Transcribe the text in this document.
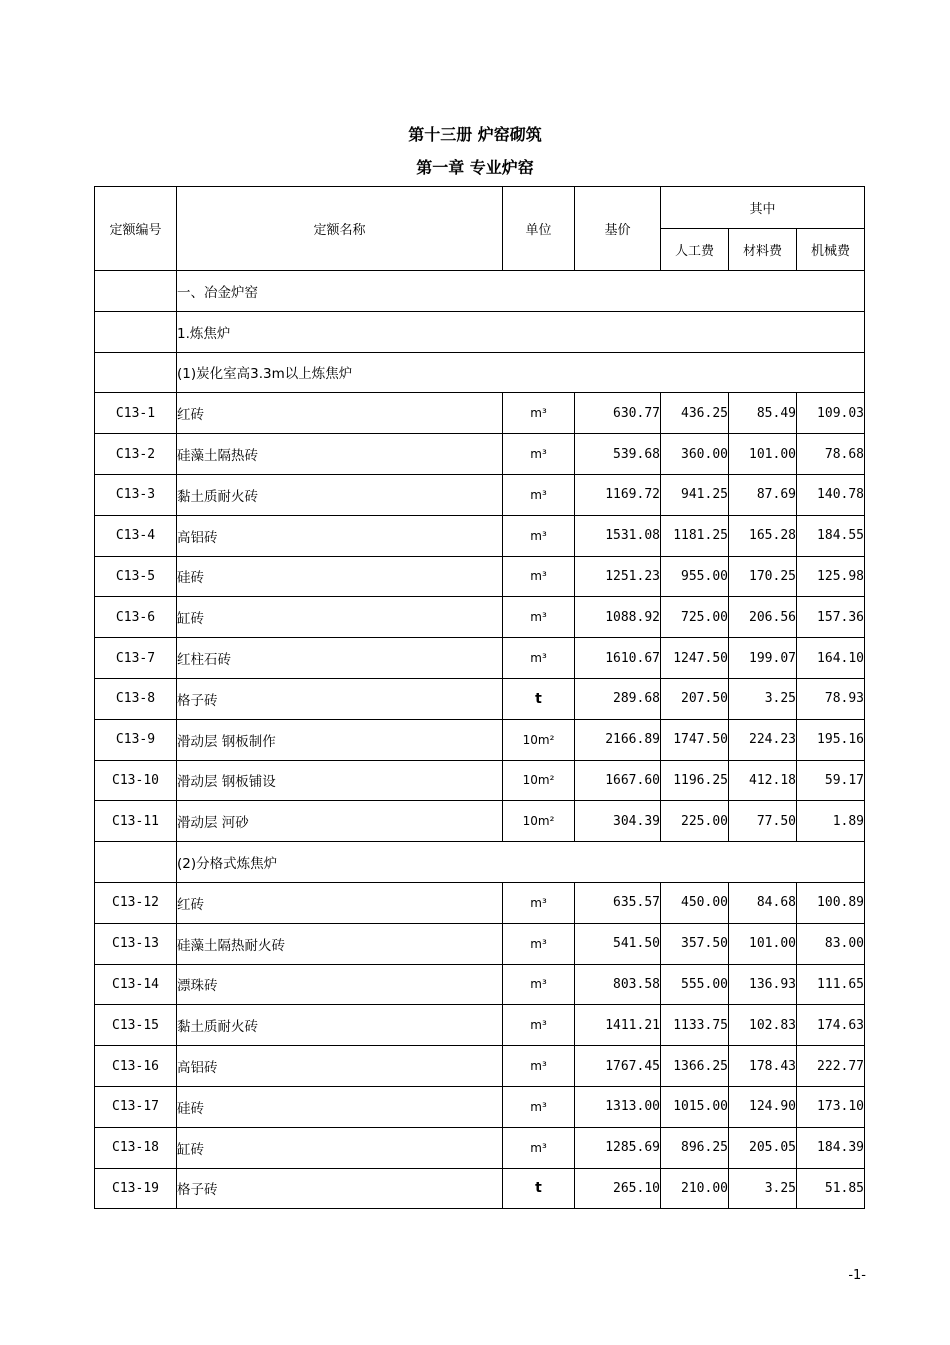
第十三册 炉窑砌筑
第一章 专业炉窑
定额编号	定额名称	单位	基价	其中		
				人工费	材料费	机械费
	一、冶金炉窑					
	1.炼焦炉					
	(1)炭化室高3.3m以上炼焦炉					
C13-1	红砖	m³	630.77	436.25	85.49	109.03
C13-2	硅藻土隔热砖	m³	539.68	360.00	101.00	78.68
C13-3	黏土质耐火砖	m³	1169.72	941.25	87.69	140.78
C13-4	高铝砖	m³	1531.08	1181.25	165.28	184.55
C13-5	硅砖	m³	1251.23	955.00	170.25	125.98
C13-6	缸砖	m³	1088.92	725.00	206.56	157.36
C13-7	红柱石砖	m³	1610.67	1247.50	199.07	164.10
C13-8	格子砖	t	289.68	207.50	3.25	78.93
C13-9	滑动层 钢板制作	10m²	2166.89	1747.50	224.23	195.16
C13-10	滑动层 钢板铺设	10m²	1667.60	1196.25	412.18	59.17
C13-11	滑动层 河砂	10m²	304.39	225.00	77.50	1.89
	(2)分格式炼焦炉					
C13-12	红砖	m³	635.57	450.00	84.68	100.89
C13-13	硅藻土隔热耐火砖	m³	541.50	357.50	101.00	83.00
C13-14	漂珠砖	m³	803.58	555.00	136.93	111.65
C13-15	黏土质耐火砖	m³	1411.21	1133.75	102.83	174.63
C13-16	高铝砖	m³	1767.45	1366.25	178.43	222.77
C13-17	硅砖	m³	1313.00	1015.00	124.90	173.10
C13-18	缸砖	m³	1285.69	896.25	205.05	184.39
C13-19	格子砖	t	265.10	210.00	3.25	51.85
-1-
